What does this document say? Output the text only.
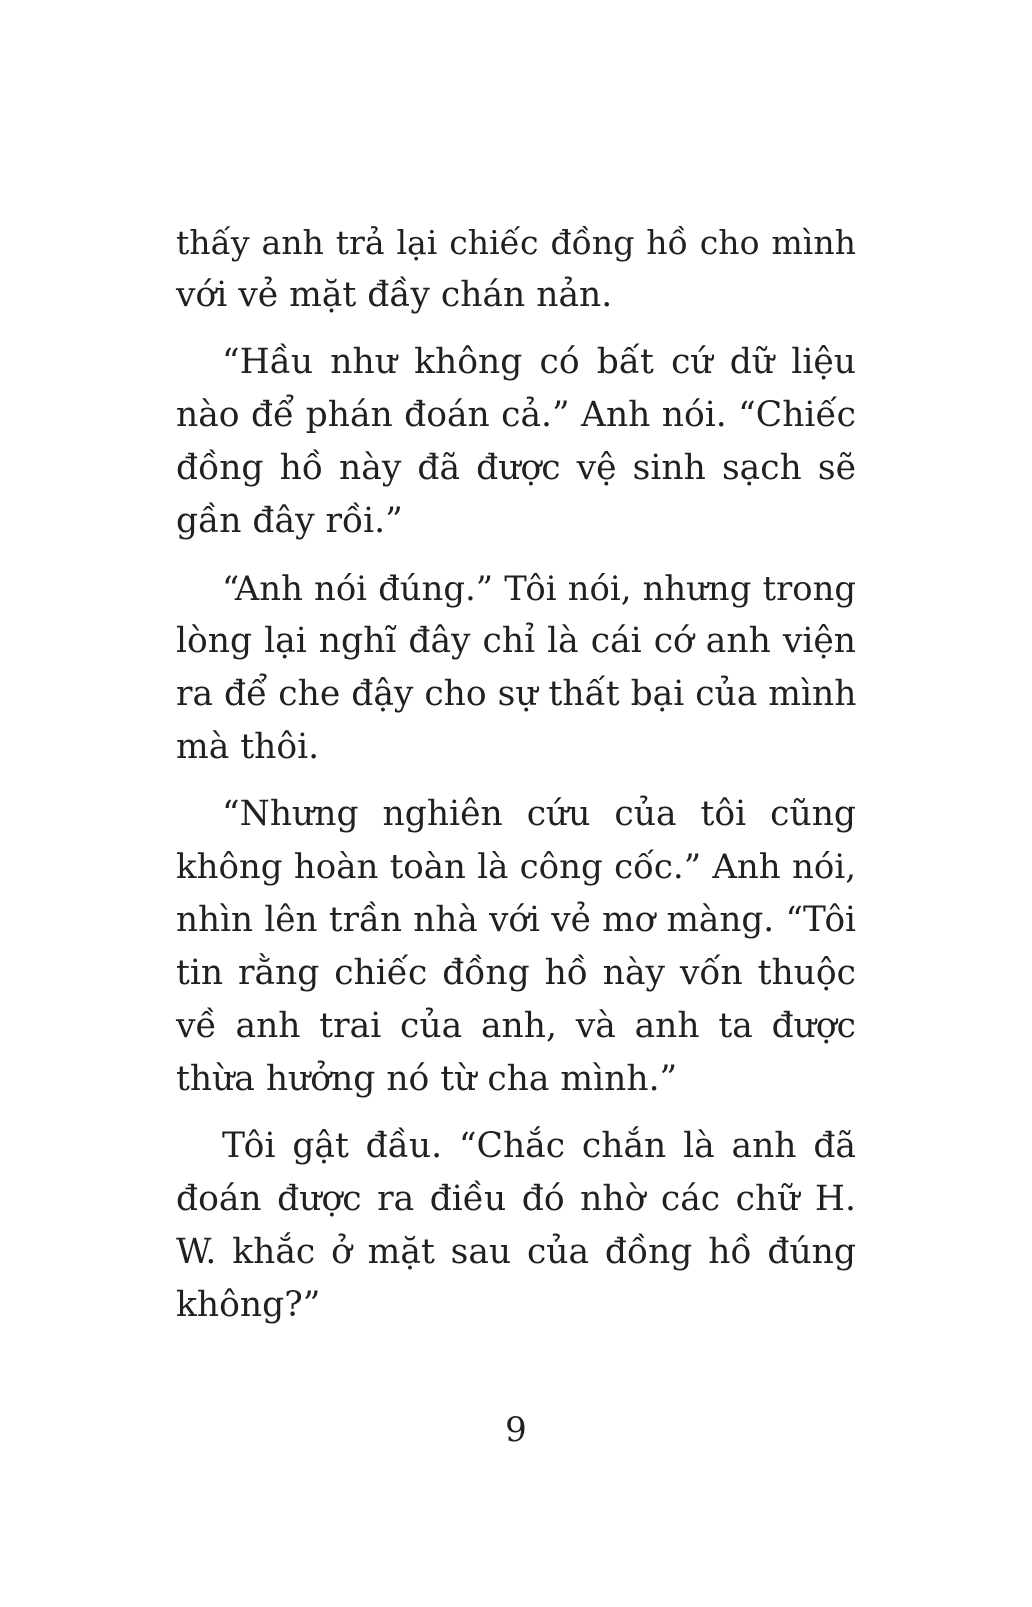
thấy anh trả lại chiếc đồng hồ cho mình
với vẻ mặt đầy chán nản.

“Hầu như không có bất cứ dữ liệu
nào để phán đoán cả.” Anh nói. “Chiếc
đồng hồ này đã được vệ sinh sạch sẽ
gần đây rồi.”

“Anh nói đúng.” Tôi nói, nhưng trong
lòng lại nghĩ đây chỉ là cái cớ anh viện
ra để che đậy cho sự thất bại của mình
mà thôi.

“Nhưng nghiên cứu của tôi cũng
không hoàn toàn là công cốc.” Anh nói,
nhìn lên trần nhà với vẻ mơ màng. “Tôi
tin rằng chiếc đồng hồ này vốn thuộc
về anh trai của anh, và anh ta được
thừa hưởng nó từ cha mình.”

Tôi gật đầu. “Chắc chắn là anh đã
đoán được ra điều đó nhờ các chữ H.
W. khắc ở mặt sau của đồng hồ đúng
không?”

9
